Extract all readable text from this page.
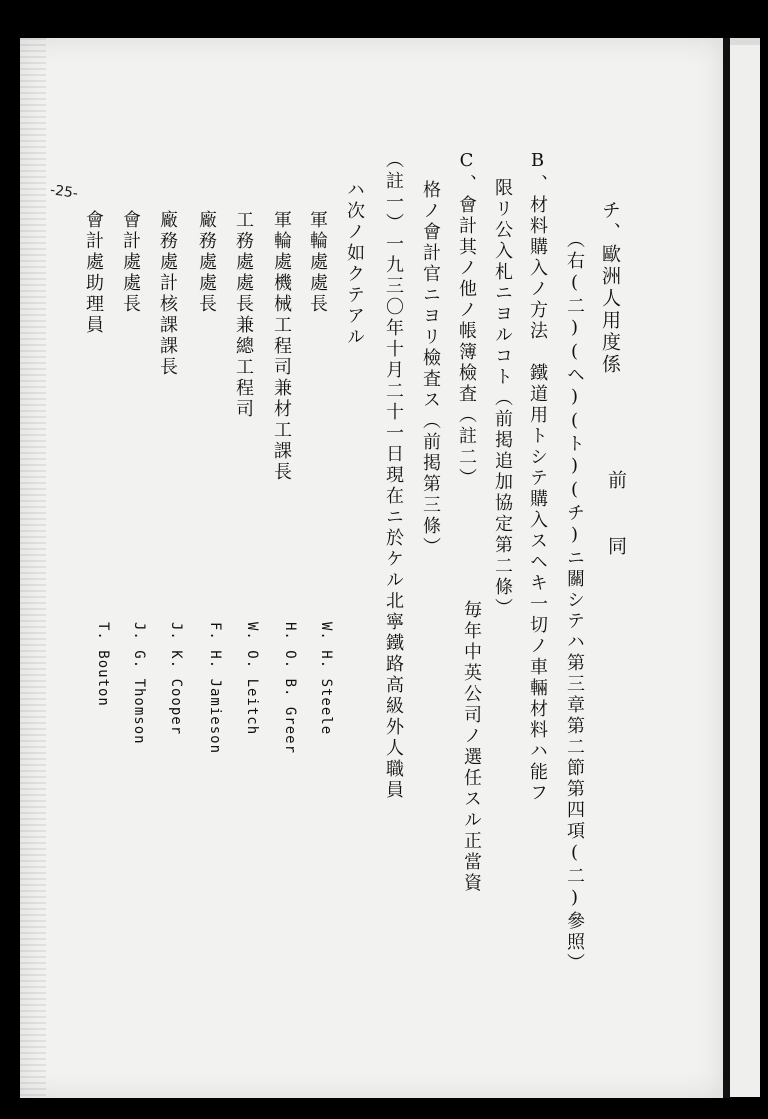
-25-
チ、歐洲人用度係
前　　同
（右(二)(ヘ)(ト)(チ)ニ關シテハ第三章第二節第四項(二)參照）
B、材料購入ノ方法　鐵道用トシテ購入スヘキ一切ノ車輛材料ハ能フ
限リ公入札ニヨルコト（前掲追加協定第二條）
C、會計其ノ他ノ帳簿檢査（註二）
毎年中英公司ノ選任スル正當資
格ノ會計官ニヨリ檢査ス（前掲第三條）
（註一）一九三〇年十月二十一日現在ニ於ケル北寧鐵路高級外人職員
ハ次ノ如クテアル
軍輪處處長
軍輪處機械工程司兼材工課長
工務處處長兼總工程司
廠務處處長
廠務處計核課課長
會計處處長
會計處助理員
W. H. Steele
H. O. B. Greer
W. O. Leitch
F. H. Jamieson
J. K. Cooper
J. G. Thomson
T. Bouton
